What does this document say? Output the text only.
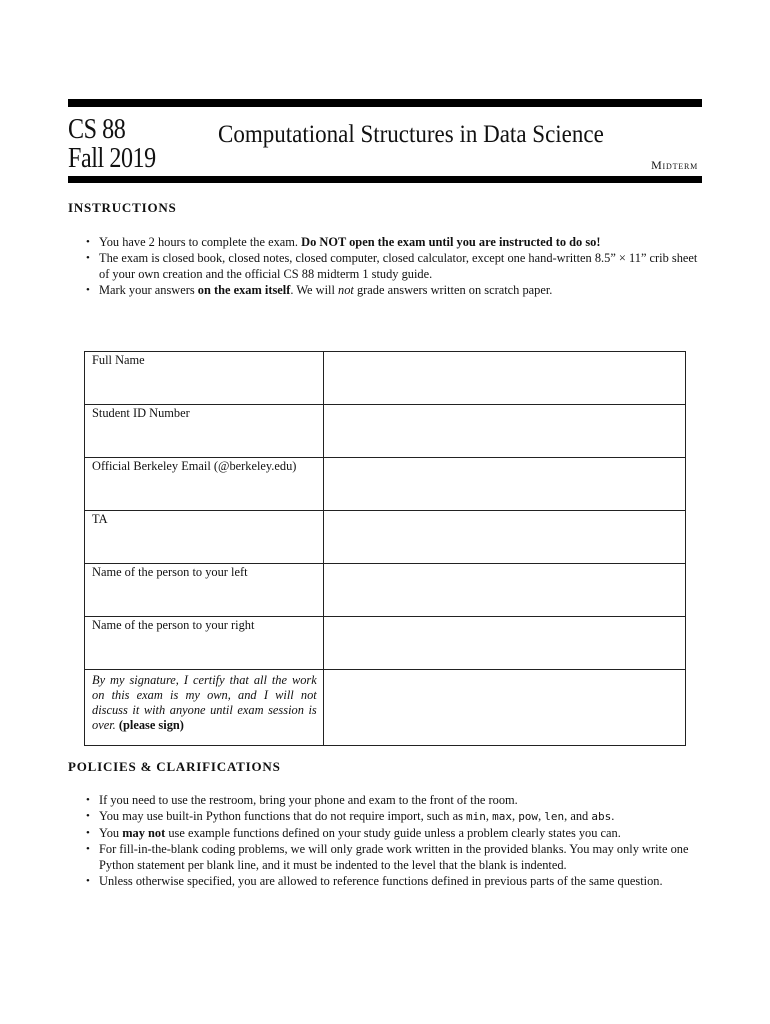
CS 88
Fall 2019
Computational Structures in Data Science
Midterm
INSTRUCTIONS
• You have 2 hours to complete the exam. Do NOT open the exam until you are instructed to do so!
• The exam is closed book, closed notes, closed computer, closed calculator, except one hand-written 8.5” × 11” crib sheet of your own creation and the official CS 88 midterm 1 study guide.
• Mark your answers on the exam itself. We will not grade answers written on scratch paper.
Full Name	
Student ID Number	
Official Berkeley Email (@berkeley.edu)	
TA	
Name of the person to your left	
Name of the person to your right	

By my signature, I certify that all the work on this exam is my own, and I will not discuss it with anyone until exam session is over. (please sign)	

POLICIES & CLARIFICATIONS
• If you need to use the restroom, bring your phone and exam to the front of the room.
• You may use built-in Python functions that do not require import, such as min, max, pow, len, and abs.
• You may not use example functions defined on your study guide unless a problem clearly states you can.
• For fill-in-the-blank coding problems, we will only grade work written in the provided blanks. You may only write one Python statement per blank line, and it must be indented to the level that the blank is indented.
• Unless otherwise specified, you are allowed to reference functions defined in previous parts of the same question.
